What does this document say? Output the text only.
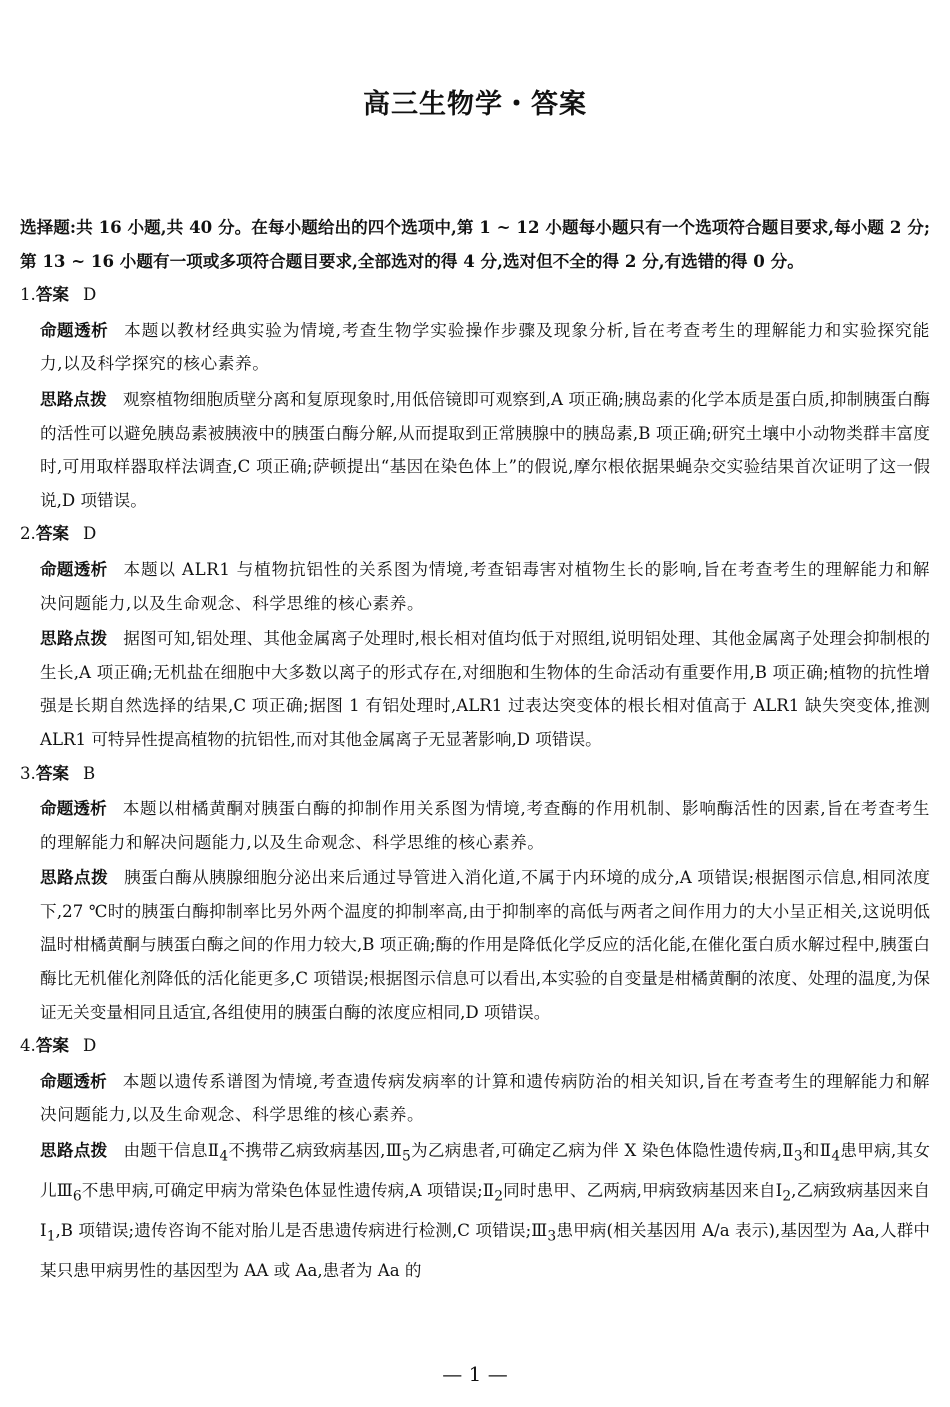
高三生物学・答案
选择题:共 16 小题,共 40 分。在每小题给出的四个选项中,第 1 ~ 12 小题每小题只有一个选项符合题目要求,每小题 2 分;第 13 ~ 16 小题有一项或多项符合题目要求,全部选对的得 4 分,选对但不全的得 2 分,有选错的得 0 分。
1.答案 D
命题透析 本题以教材经典实验为情境,考查生物学实验操作步骤及现象分析,旨在考查考生的理解能力和实验探究能力,以及科学探究的核心素养。
思路点拨 观察植物细胞质壁分离和复原现象时,用低倍镜即可观察到,A 项正确;胰岛素的化学本质是蛋白质,抑制胰蛋白酶的活性可以避免胰岛素被胰液中的胰蛋白酶分解,从而提取到正常胰腺中的胰岛素,B 项正确;研究土壤中小动物类群丰富度时,可用取样器取样法调查,C 项正确;萨顿提出“基因在染色体上”的假说,摩尔根依据果蝇杂交实验结果首次证明了这一假说,D 项错误。
2.答案 D
命题透析 本题以 ALR1 与植物抗铝性的关系图为情境,考查铝毒害对植物生长的影响,旨在考查考生的理解能力和解决问题能力,以及生命观念、科学思维的核心素养。
思路点拨 据图可知,铝处理、其他金属离子处理时,根长相对值均低于对照组,说明铝处理、其他金属离子处理会抑制根的生长,A 项正确;无机盐在细胞中大多数以离子的形式存在,对细胞和生物体的生命活动有重要作用,B 项正确;植物的抗性增强是长期自然选择的结果,C 项正确;据图 1 有铝处理时,ALR1 过表达突变体的根长相对值高于 ALR1 缺失突变体,推测 ALR1 可特异性提高植物的抗铝性,而对其他金属离子无显著影响,D 项错误。
3.答案 B
命题透析 本题以柑橘黄酮对胰蛋白酶的抑制作用关系图为情境,考查酶的作用机制、影响酶活性的因素,旨在考查考生的理解能力和解决问题能力,以及生命观念、科学思维的核心素养。
思路点拨 胰蛋白酶从胰腺细胞分泌出来后通过导管进入消化道,不属于内环境的成分,A 项错误;根据图示信息,相同浓度下,27 ℃时的胰蛋白酶抑制率比另外两个温度的抑制率高,由于抑制率的高低与两者之间作用力的大小呈正相关,这说明低温时柑橘黄酮与胰蛋白酶之间的作用力较大,B 项正确;酶的作用是降低化学反应的活化能,在催化蛋白质水解过程中,胰蛋白酶比无机催化剂降低的活化能更多,C 项错误;根据图示信息可以看出,本实验的自变量是柑橘黄酮的浓度、处理的温度,为保证无关变量相同且适宜,各组使用的胰蛋白酶的浓度应相同,D 项错误。
4.答案 D
命题透析 本题以遗传系谱图为情境,考查遗传病发病率的计算和遗传病防治的相关知识,旨在考查考生的理解能力和解决问题能力,以及生命观念、科学思维的核心素养。
思路点拨 由题干信息$Ⅱ_4$不携带乙病致病基因$,Ⅲ_5$为乙病患者,可确定乙病为伴 X 染色体隐性遗传病$,Ⅱ_3$和$Ⅱ_4$患甲病,其女儿$Ⅲ_6$不患甲病,可确定甲病为常染色体显性遗传病,A 项错误$;Ⅱ_2$同时患甲、乙两病,甲病致病基因来自$Ⅰ_2$,乙病致病基因来自$Ⅰ_1,B$ 项错误;遗传咨询不能对胎儿是否患遗传病进行检测,C 项错误$;Ⅲ_3$患甲病(相关基因用 A/a 表示),基因型为 Aa,人群中某只患甲病男性的基因型为 AA 或 Aa,患者为 Aa 的
— 1 —
